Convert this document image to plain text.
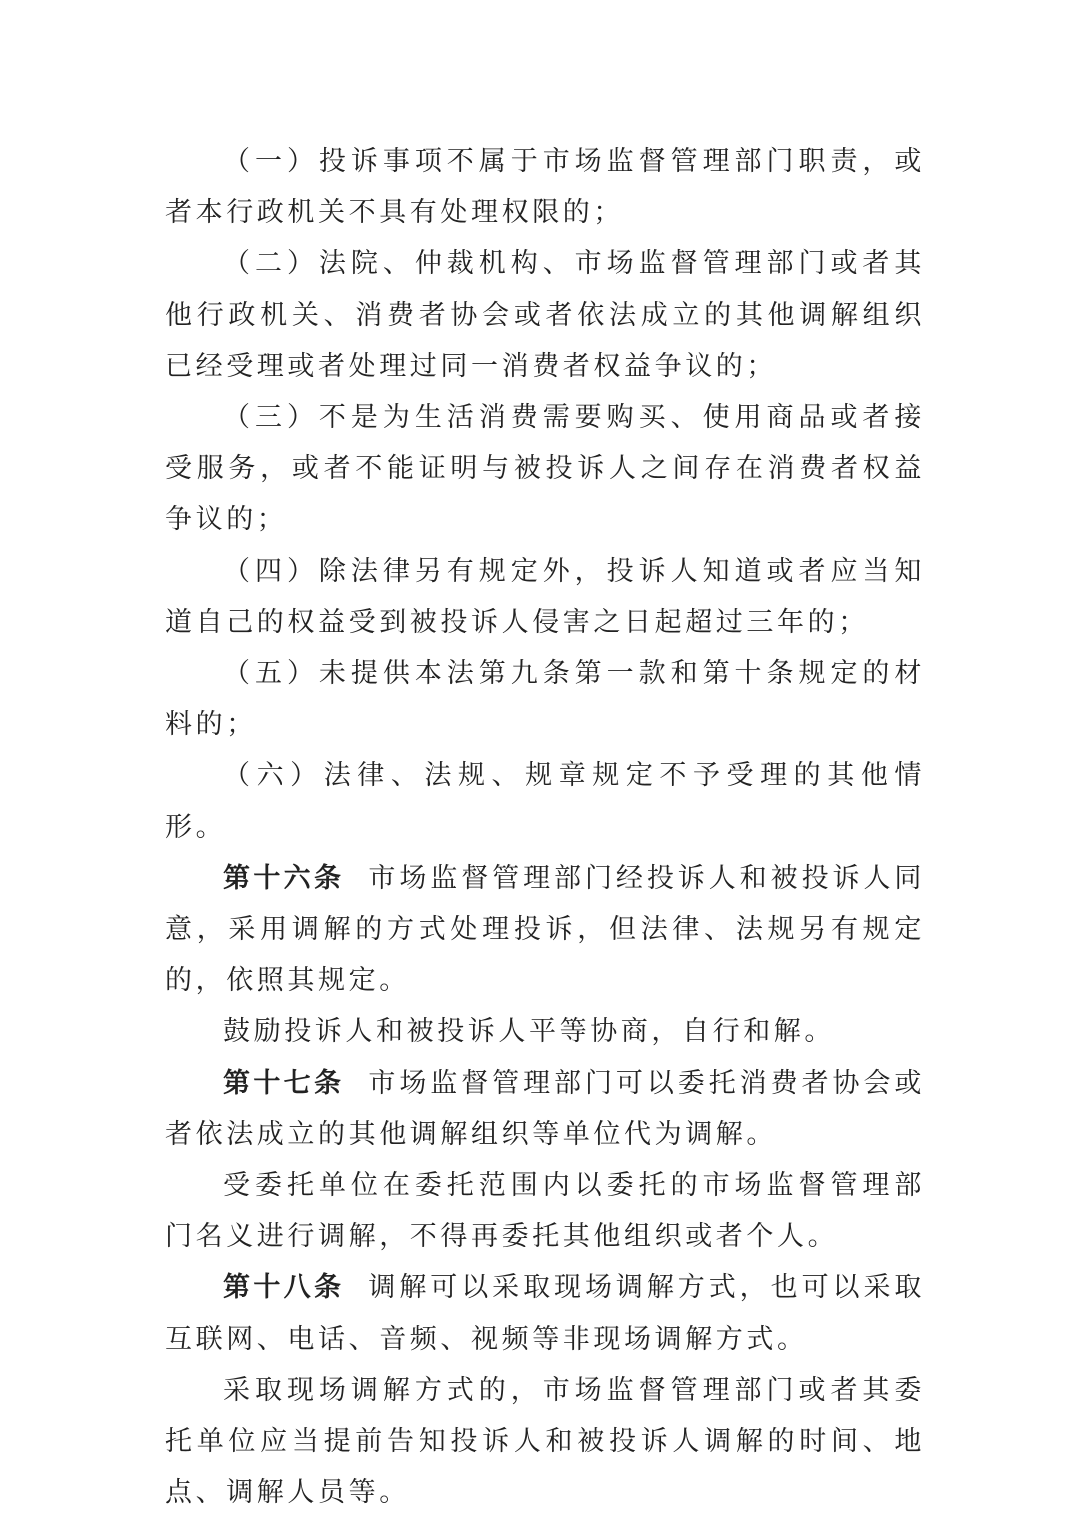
（一）投诉事项不属于市场监督管理部门职责，或者本行政机关不具有处理权限的；

（二）法院、仲裁机构、市场监督管理部门或者其他行政机关、消费者协会或者依法成立的其他调解组织已经受理或者处理过同一消费者权益争议的；

（三）不是为生活消费需要购买、使用商品或者接受服务，或者不能证明与被投诉人之间存在消费者权益争议的；

（四）除法律另有规定外，投诉人知道或者应当知道自己的权益受到被投诉人侵害之日起超过三年的；

（五）未提供本法第九条第一款和第十条规定的材料的；

（六）法律、法规、规章规定不予受理的其他情形。

第十六条 市场监督管理部门经投诉人和被投诉人同意，采用调解的方式处理投诉，但法律、法规另有规定的，依照其规定。

鼓励投诉人和被投诉人平等协商，自行和解。

第十七条 市场监督管理部门可以委托消费者协会或者依法成立的其他调解组织等单位代为调解。

受委托单位在委托范围内以委托的市场监督管理部门名义进行调解，不得再委托其他组织或者个人。

第十八条 调解可以采取现场调解方式，也可以采取互联网、电话、音频、视频等非现场调解方式。

采取现场调解方式的，市场监督管理部门或者其委托单位应当提前告知投诉人和被投诉人调解的时间、地点、调解人员等。
